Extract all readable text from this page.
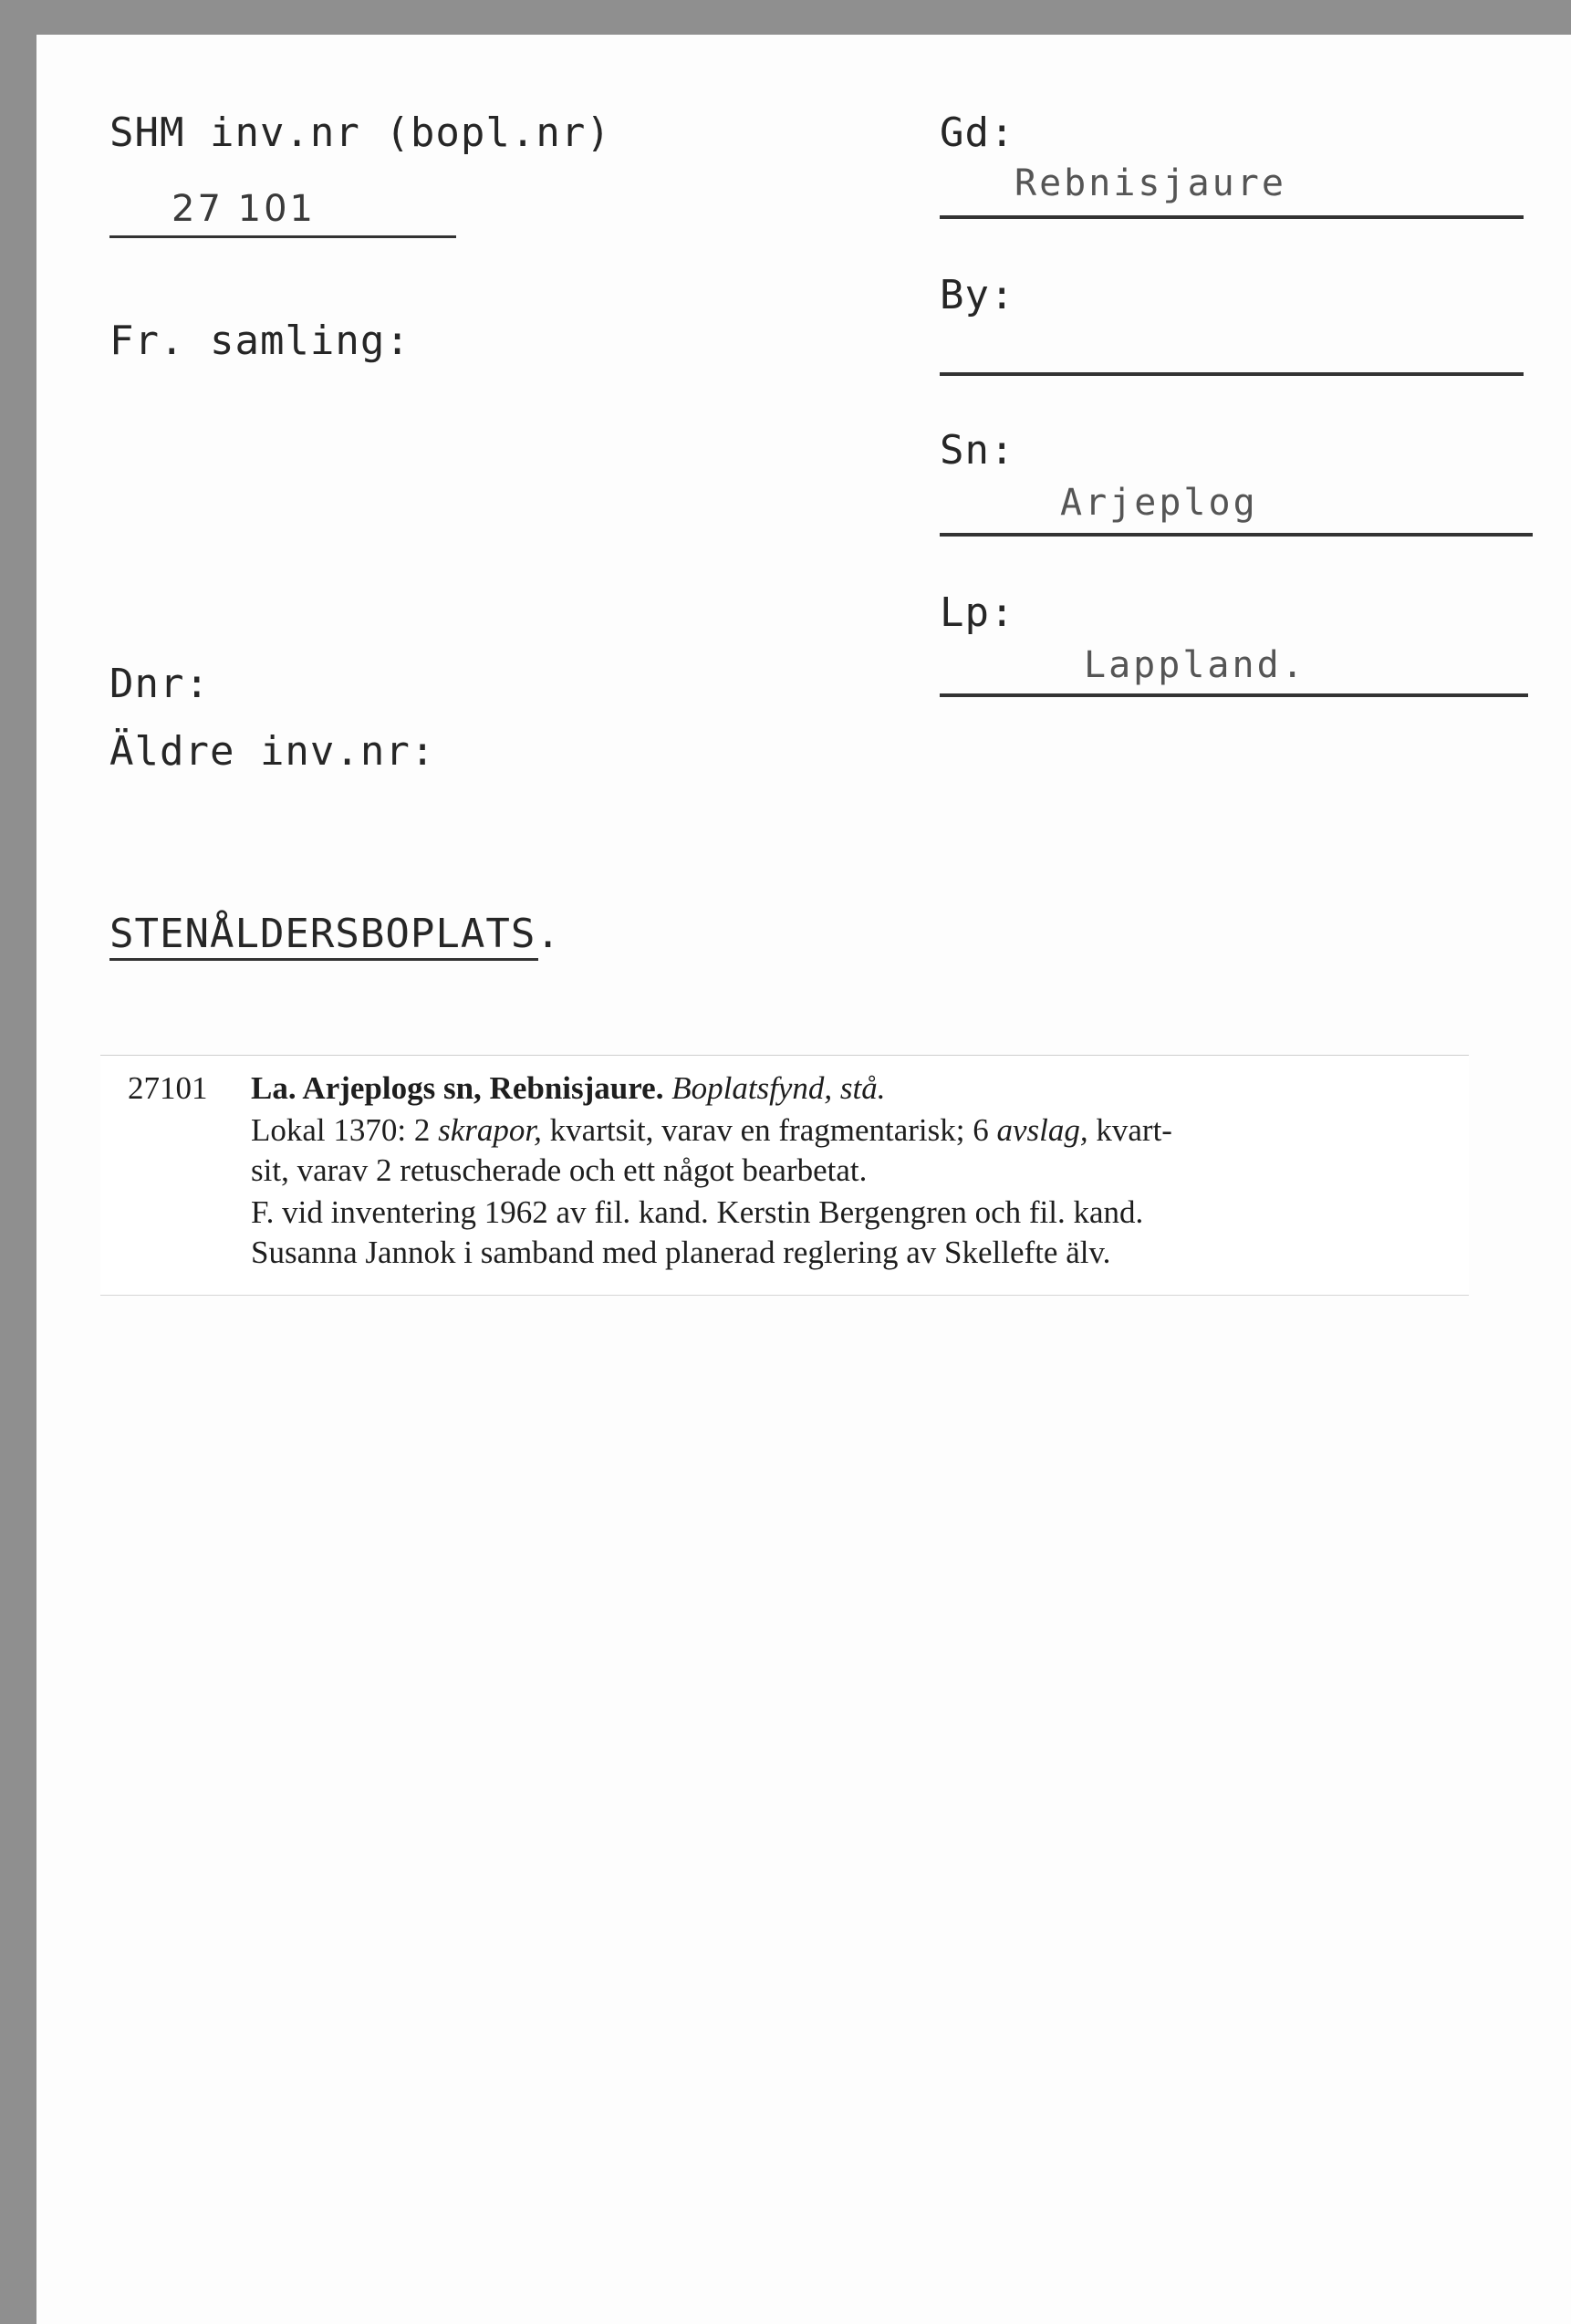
SHM inv.nr (bopl.nr)
27 101
Fr. samling:
Dnr:
Äldre inv.nr:
STENÅLDERSBOPLATS.
Gd:
Rebnisjaure
By:
Sn:
Arjeplog
Lp:
Lappland.
27101 La. Arjeplogs sn, Rebnisjaure. Boplatsfynd, stå.
Lokal 1370: 2 skrapor, kvartsit, varav en fragmentarisk; 6 avslag, kvart-
sit, varav 2 retuscherade och ett något bearbetat.
F. vid inventering 1962 av fil. kand. Kerstin Bergengren och fil. kand.
Susanna Jannok i samband med planerad reglering av Skellefte älv.
